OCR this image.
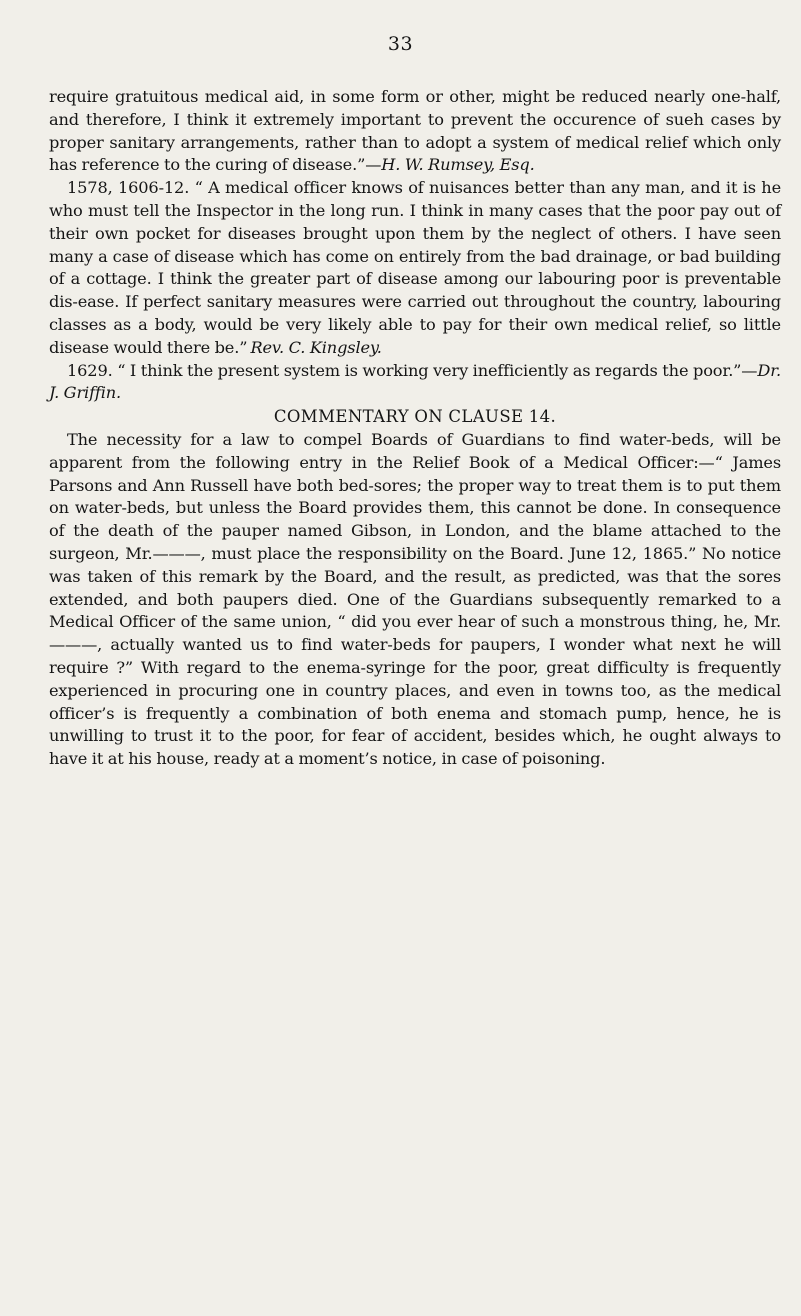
33

require gratuitous medical aid, in some form or other, might be reduced nearly one-half, and therefore, I think it extremely important to prevent the occurence of sueh cases by proper sanitary arrangements, rather than to adopt a system of medical relief which only has reference to the curing of disease.”—H. W. Rumsey, Esq.

1578, 1606-12. “ A medical officer knows of nuisances better than any man, and it is he who must tell the Inspector in the long run. I think in many cases that the poor pay out of their own pocket for diseases brought upon them by the neglect of others. I have seen many a case of disease which has come on entirely from the bad drainage, or bad building of a cottage. I think the greater part of disease among our labouring poor is preventable dis-ease. If perfect sanitary measures were carried out throughout the country, labouring classes as a body, would be very likely able to pay for their own medical relief, so little disease would there be.”  Rev. C. Kingsley.

1629. “ I think the present system is working very inefficiently as regards the poor.”—Dr. J. Griffin.

COMMENTARY ON CLAUSE 14.

The necessity for a law to compel Boards of Guardians to find water-beds, will be apparent from the following entry in the Relief Book of a Medical Officer:—“ James Parsons and Ann Russell have both bed-sores; the proper way to treat them is to put them on water-beds, but unless the Board provides them, this cannot be done. In consequence of the death of the pauper named Gibson, in London, and the blame attached to the surgeon, Mr.———, must place the responsibility on the Board. June 12, 1865.” No notice was taken of this remark by the Board, and the result, as predicted, was that the sores extended, and both paupers died. One of the Guardians subsequently remarked to a Medical Officer of the same union, “ did you ever hear of such a monstrous thing, he, Mr.———, actually wanted us to find water-beds for paupers, I wonder what next he will require ?” With regard to the enema-syringe for the poor, great difficulty is frequently experienced in procuring one in country places, and even in towns too, as the medical officer’s is frequently a combination of both enema and stomach pump, hence, he is unwilling to trust it to the poor, for fear of accident, besides which, he ought always to have it at his house, ready at a moment’s notice, in case of poisoning.
